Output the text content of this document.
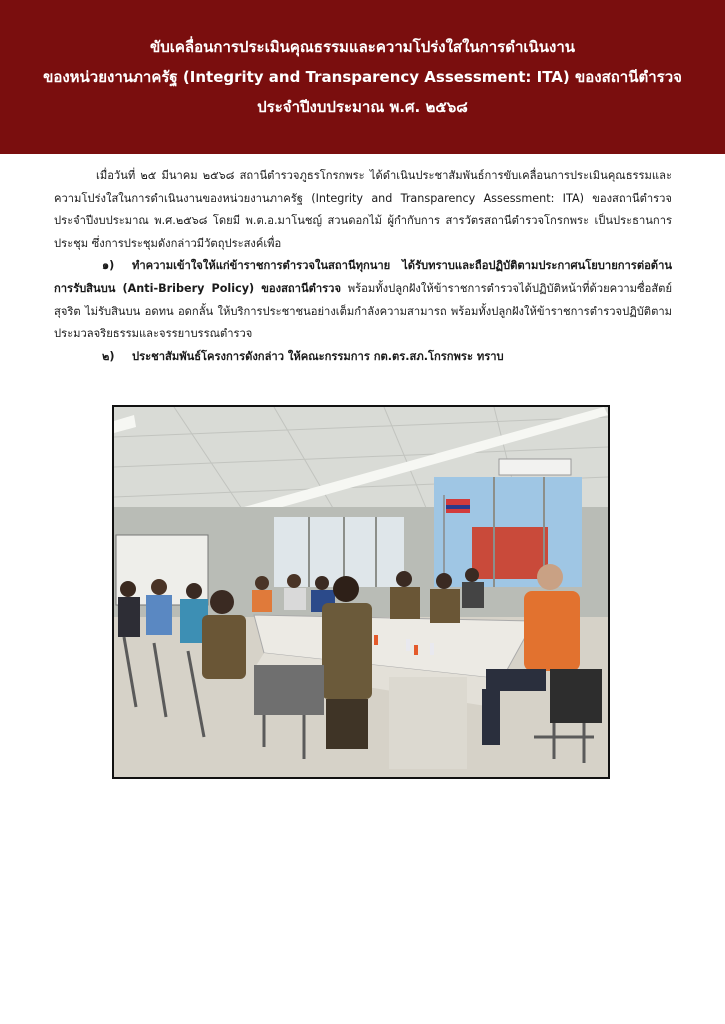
ขับเคลื่อนการประเมินคุณธรรมและความโปร่งใสในการดำเนินงาน
ของหน่วยงานภาครัฐ (Integrity and Transparency Assessment: ITA) ของสถานีตำรวจ
ประจำปีงบประมาณ พ.ศ. ๒๕๖๘

เมื่อวันที่ ๒๕ มีนาคม ๒๕๖๘ สถานีตำรวจภูธรโกรกพระ ได้ดำเนินประชาสัมพันธ์การขับเคลื่อนการประเมินคุณธรรมและความโปร่งใสในการดำเนินงานของหน่วยงานภาครัฐ (Integrity and Transparency Assessment: ITA) ของสถานีตำรวจ ประจำปีงบประมาณ พ.ศ.๒๕๖๘ โดยมี พ.ต.อ.มาโนชญ์ สวนดอกไม้ ผู้กำกับการ สารวัตรสถานีตำรวจโกรกพระ เป็นประธานการประชุม ซึ่งการประชุมดังกล่าวมีวัตถุประสงค์เพื่อ

๑) ทำความเข้าใจให้แก่ข้าราชการตำรวจในสถานีทุกนาย ได้รับทราบและถือปฏิบัติตามประกาศนโยบายการต่อต้านการรับสินบน (Anti-Bribery Policy) ของสถานีตำรวจ พร้อมทั้งปลูกฝังให้ข้าราชการตำรวจได้ปฏิบัติหน้าที่ด้วยความซื่อสัตย์ สุจริต ไม่รับสินบน อดทน อดกลั้น ให้บริการประชาชนอย่างเต็มกำลังความสามารถ พร้อมทั้งปลูกฝังให้ข้าราชการตำรวจปฏิบัติตามประมวลจริยธรรมและจรรยาบรรณตำรวจ

๒) ประชาสัมพันธ์โครงการดังกล่าว ให้คณะกรรมการ กต.ตร.สภ.โกรกพระ ทราบ
